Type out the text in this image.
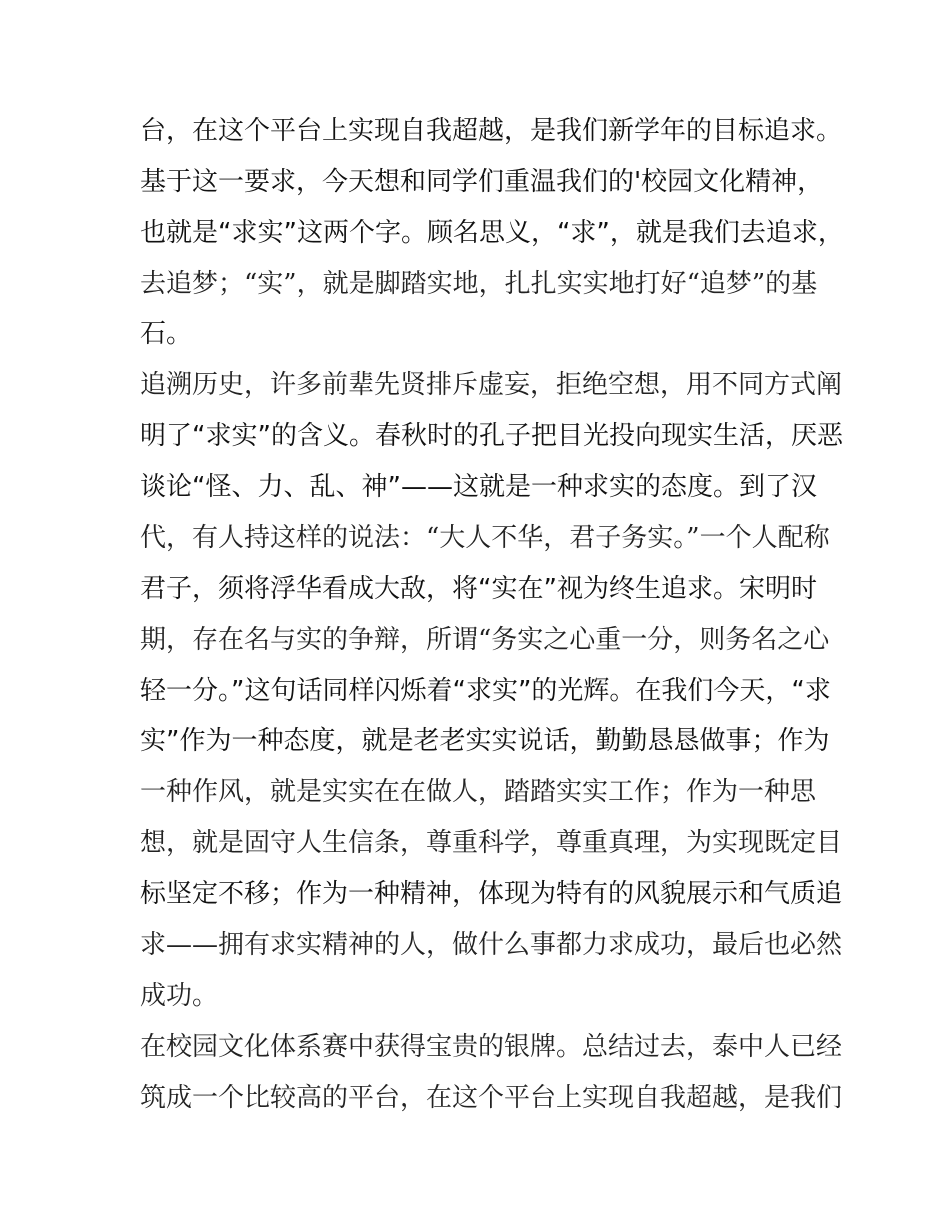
台，在这个平台上实现自我超越，是我们新学年的目标追求。
基于这一要求，今天想和同学们重温我们的'校园文化精神，
也就是“求实”这两个字。顾名思义，“求”，就是我们去追求，
去追梦；“实”，就是脚踏实地，扎扎实实地打好“追梦”的基
石。
追溯历史，许多前辈先贤排斥虚妄，拒绝空想，用不同方式阐
明了“求实”的含义。春秋时的孔子把目光投向现实生活，厌恶
谈论“怪、力、乱、神”——这就是一种求实的态度。到了汉
代，有人持这样的说法：“大人不华，君子务实。”一个人配称
君子，须将浮华看成大敌，将“实在”视为终生追求。宋明时
期，存在名与实的争辩，所谓“务实之心重一分，则务名之心
轻一分。”这句话同样闪烁着“求实”的光辉。在我们今天，“求
实”作为一种态度，就是老老实实说话，勤勤恳恳做事；作为
一种作风，就是实实在在做人，踏踏实实工作；作为一种思
想，就是固守人生信条，尊重科学，尊重真理，为实现既定目
标坚定不移；作为一种精神，体现为特有的风貌展示和气质追
求——拥有求实精神的人，做什么事都力求成功，最后也必然
成功。
在校园文化体系赛中获得宝贵的银牌。总结过去，泰中人已经
筑成一个比较高的平台，在这个平台上实现自我超越，是我们
